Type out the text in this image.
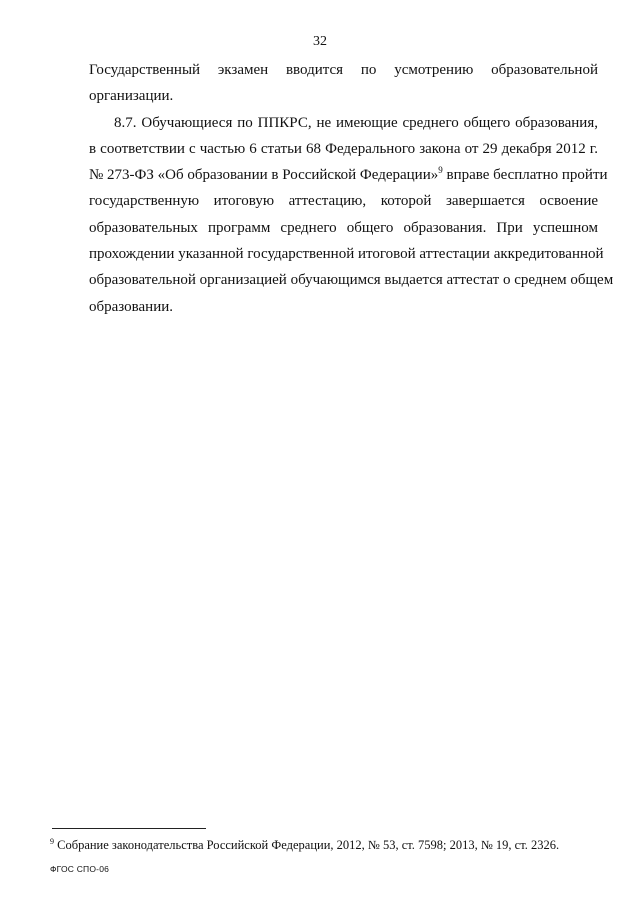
32
Государственный экзамен вводится по усмотрению образовательной
организации.
8.7. Обучающиеся по ППКРС, не имеющие среднего общего образования,
в соответствии с частью 6 статьи 68 Федерального закона от 29 декабря 2012 г.
№ 273-ФЗ «Об образовании в Российской Федерации»$^9$ вправе бесплатно пройти
государственную итоговую аттестацию, которой завершается освоение
образовательных программ среднего общего образования. При успешном
прохождении указанной государственной итоговой аттестации аккредитованной
образовательной организацией обучающимся выдается аттестат о среднем общем
образовании.
$^9$ Собрание законодательства Российской Федерации, 2012, № 53, ст. 7598; 2013, № 19, ст. 2326.
ФГОС СПО-06
